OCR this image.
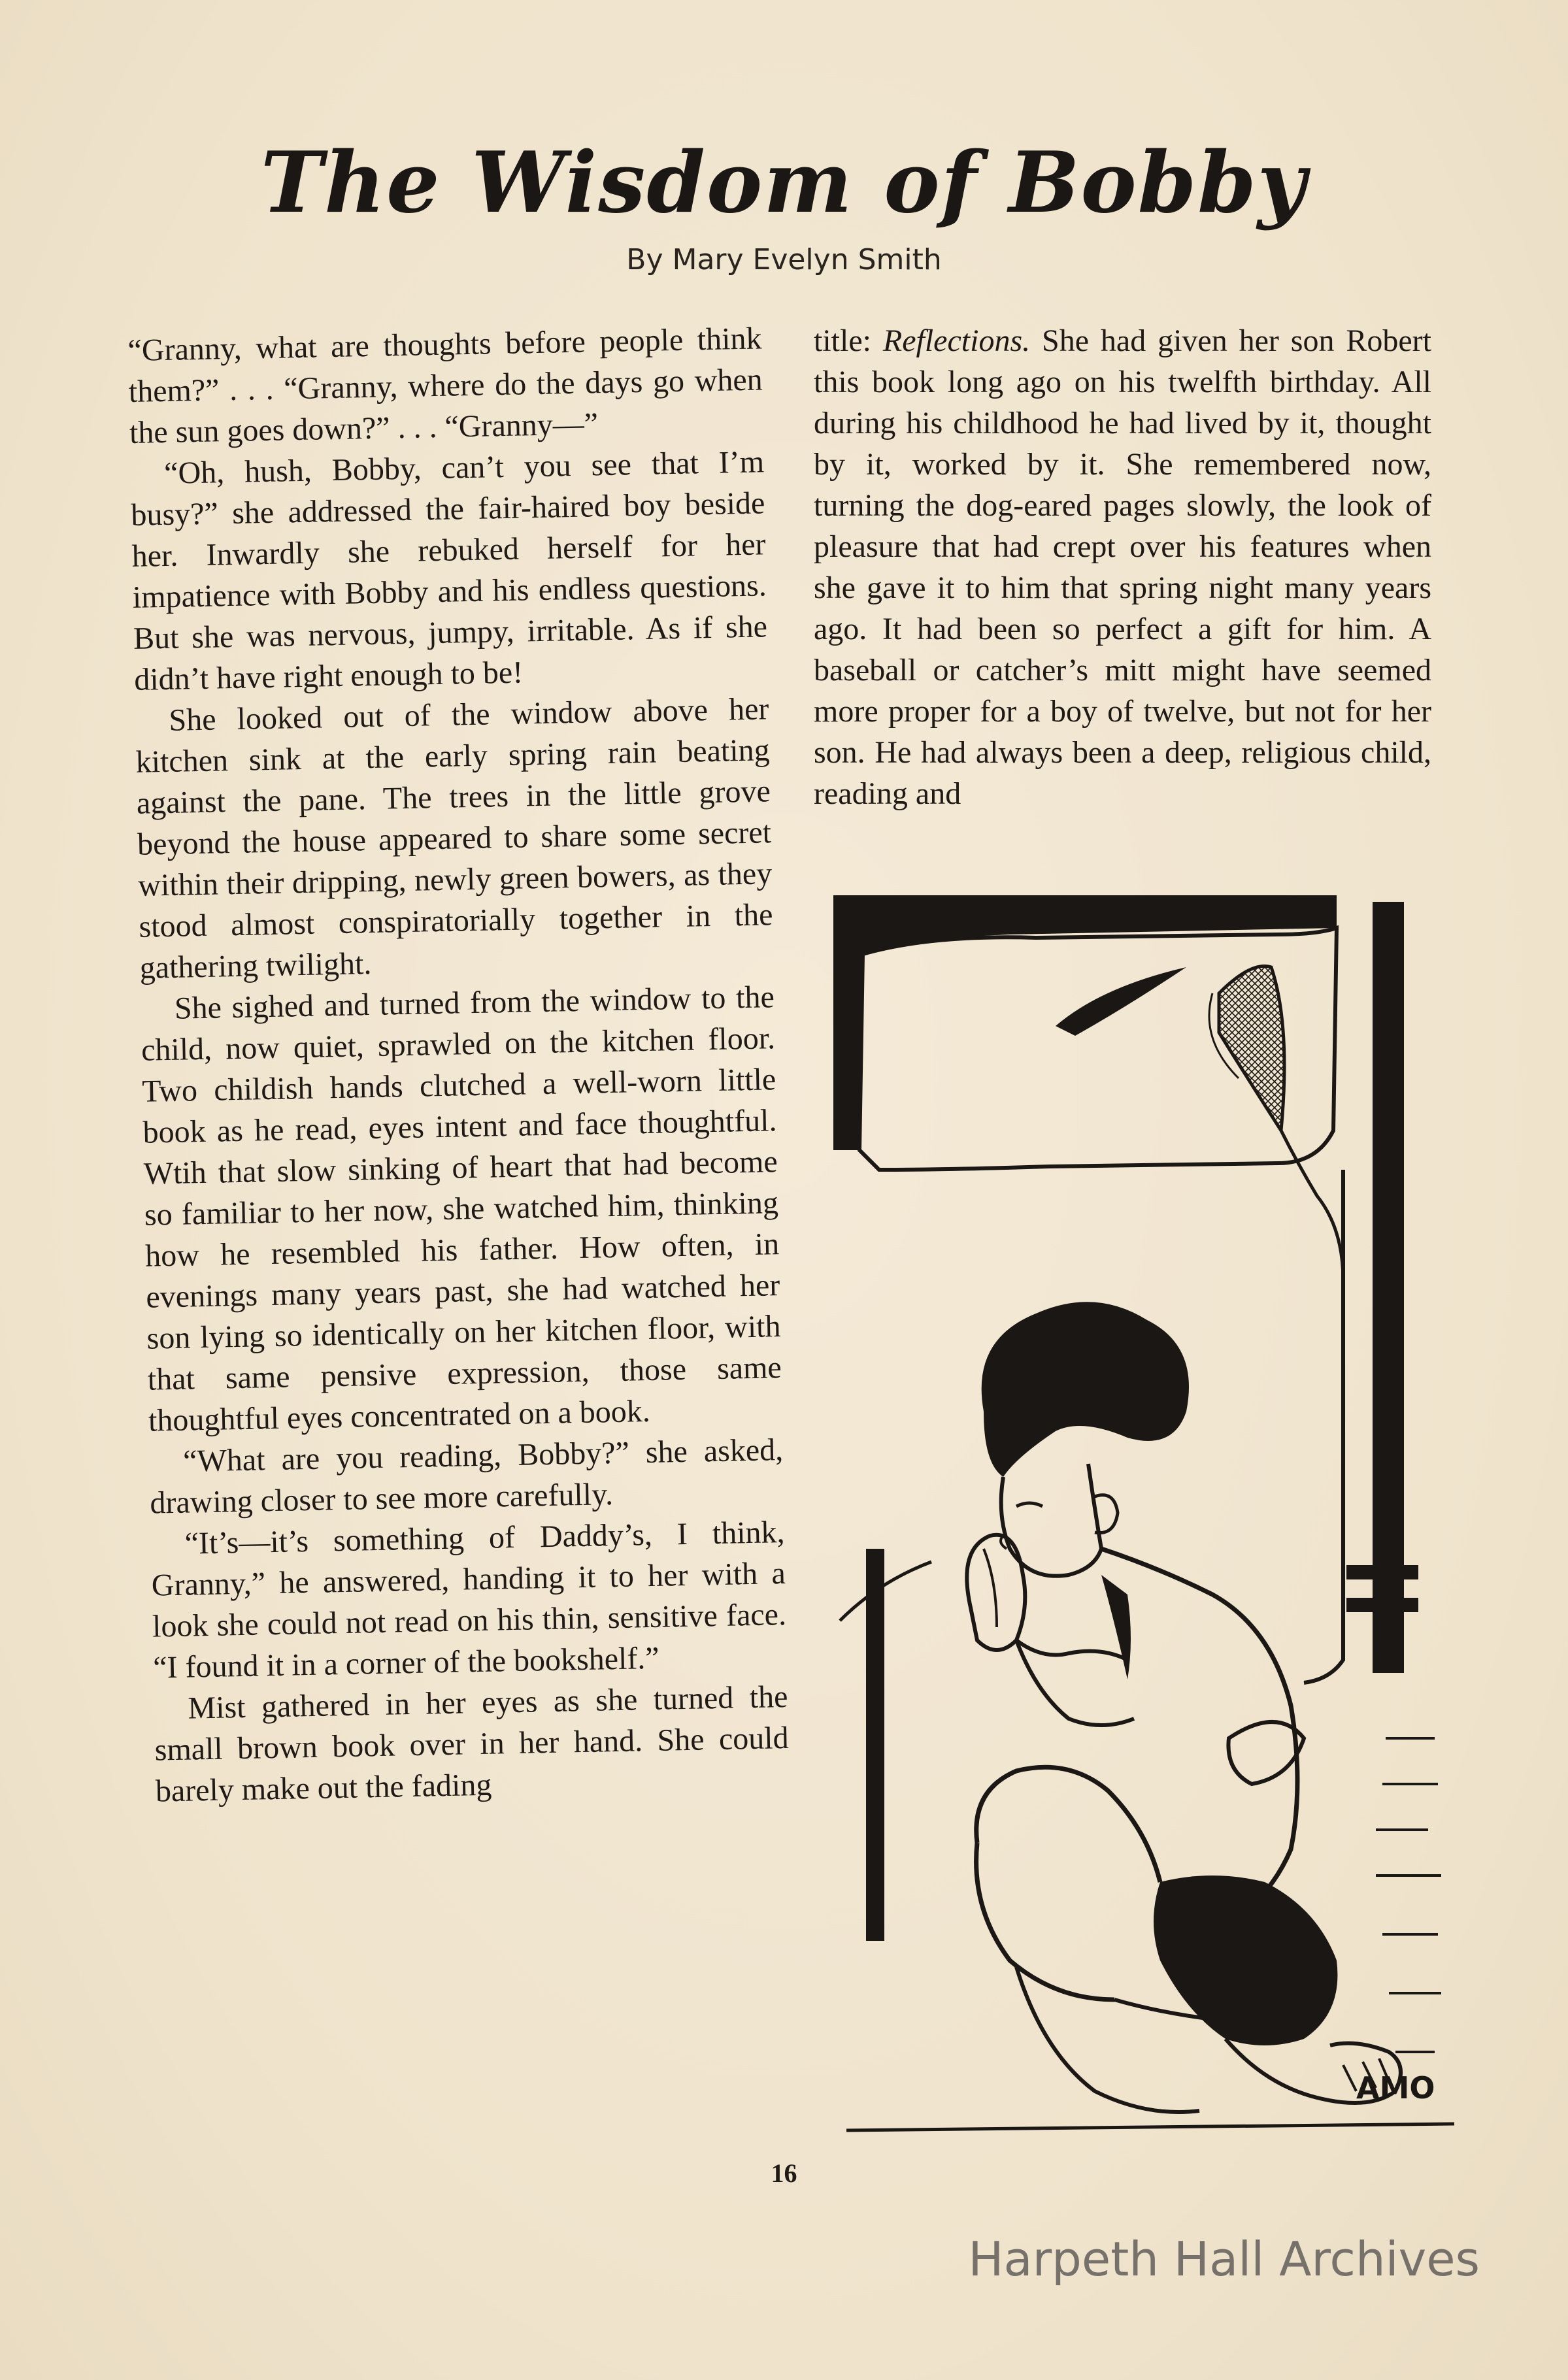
The Wisdom of Bobby
By Mary Evelyn Smith

“Granny, what are thoughts before people think them?” . . . “Granny, where do the days go when the sun goes down?” . . . “Granny—”

“Oh, hush, Bobby, can’t you see that I’m busy?” she addressed the fair-haired boy beside her. Inwardly she rebuked herself for her impatience with Bobby and his endless questions. But she was nervous, jumpy, irritable. As if she didn’t have right enough to be!

She looked out of the window above her kitchen sink at the early spring rain beating against the pane. The trees in the little grove beyond the house appeared to share some secret within their dripping, newly green bowers, as they stood almost conspiratorially together in the gathering twilight.

She sighed and turned from the window to the child, now quiet, sprawled on the kitchen floor. Two childish hands clutched a well-worn little book as he read, eyes intent and face thoughtful. Wtih that slow sinking of heart that had become so familiar to her now, she watched him, thinking how he resembled his father. How often, in evenings many years past, she had watched her son lying so identically on her kitchen floor, with that same pensive expression, those same thoughtful eyes concentrated on a book.

“What are you reading, Bobby?” she asked, drawing closer to see more carefully.

“It’s—it’s something of Daddy’s, I think, Granny,” he answered, handing it to her with a look she could not read on his thin, sensitive face. “I found it in a corner of the bookshelf.”

Mist gathered in her eyes as she turned the small brown book over in her hand. She could barely make out the fading

title: Reflections. She had given her son Robert this book long ago on his twelfth birthday. All during his childhood he had lived by it, thought by it, worked by it. She remembered now, turning the dog-eared pages slowly, the look of pleasure that had crept over his features when she gave it to him that spring night many years ago. It had been so perfect a gift for him. A baseball or catcher’s mitt might have seemed more proper for a boy of twelve, but not for her son. He had always been a deep, religious child, reading and

AMO
16
Harpeth Hall Archives
